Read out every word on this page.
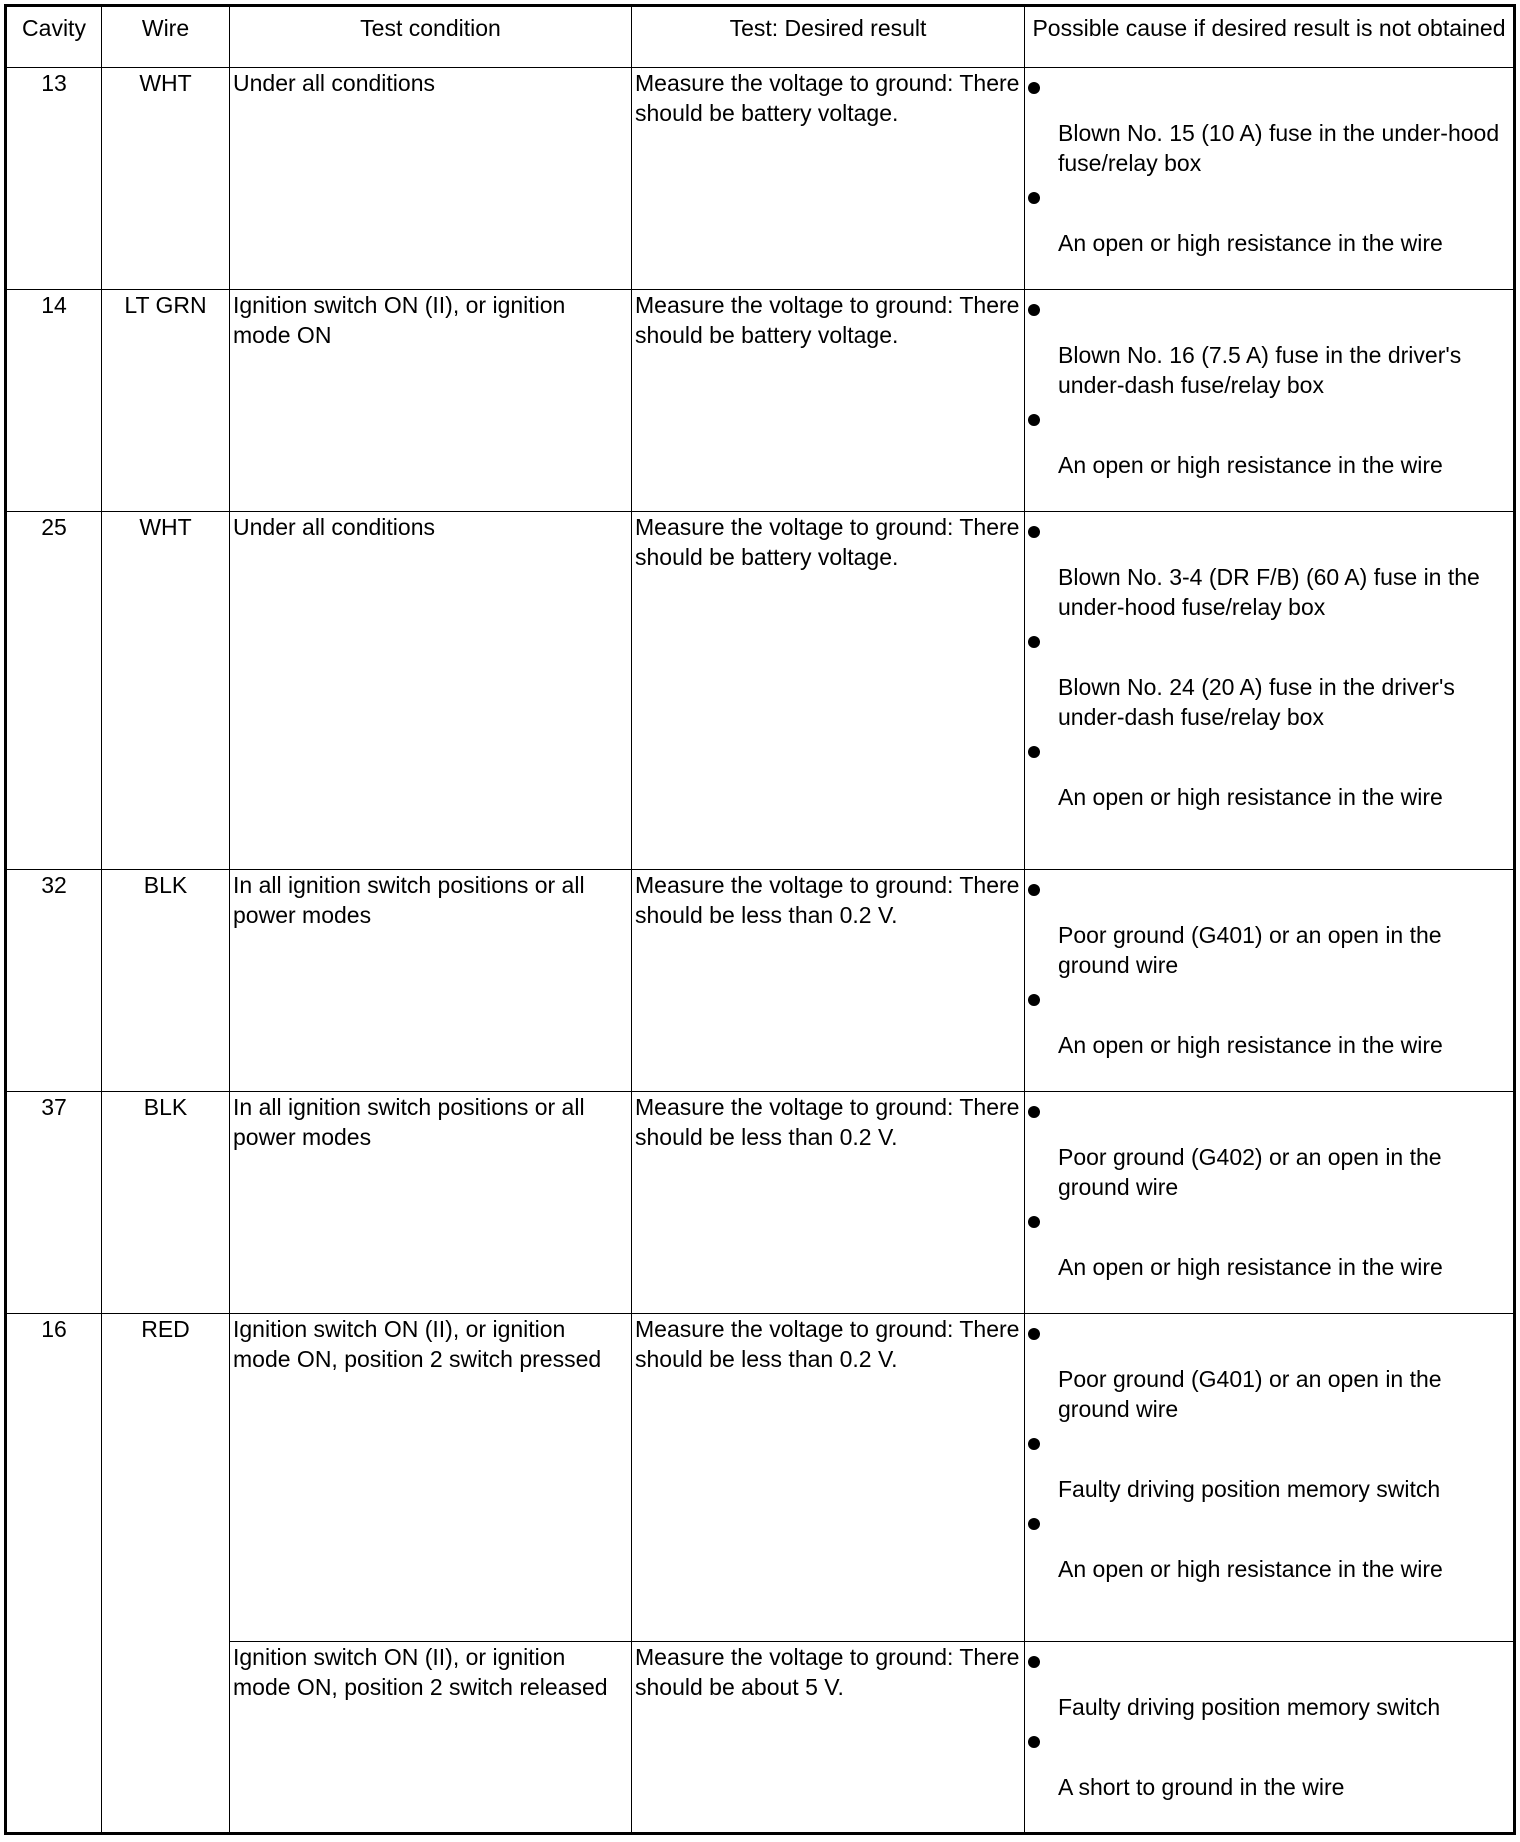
Cavity	Wire	Test condition	Test: Desired result	Possible cause if desired result is not obtained
13	WHT	Under all conditions	Measure the voltage to ground: There should be battery voltage.	Blown No. 15 (10 A) fuse in the under-hood fuse/relay box
An open or high resistance in the wire

14	LT GRN	Ignition switch ON (II), or ignition mode ON	Measure the voltage to ground: There should be battery voltage.	Blown No. 16 (7.5 A) fuse in the driver's under-dash fuse/relay box
An open or high resistance in the wire

25	WHT	Under all conditions	Measure the voltage to ground: There should be battery voltage.	Blown No. 3-4 (DR F/B) (60 A) fuse in the under-hood fuse/relay box
Blown No. 24 (20 A) fuse in the driver's under-dash fuse/relay box
An open or high resistance in the wire

32	BLK	In all ignition switch positions or all power modes	Measure the voltage to ground: There should be less than 0.2 V.	Poor ground (G401) or an open in the ground wire
An open or high resistance in the wire

37	BLK	In all ignition switch positions or all power modes	Measure the voltage to ground: There should be less than 0.2 V.	Poor ground (G402) or an open in the ground wire
An open or high resistance in the wire

16	RED	Ignition switch ON (II), or ignition mode ON, position 2 switch pressed	Measure the voltage to ground: There should be less than 0.2 V.	Poor ground (G401) or an open in the ground wire
Faulty driving position memory switch
An open or high resistance in the wire

		Ignition switch ON (II), or ignition mode ON, position 2 switch released	Measure the voltage to ground: There should be about 5 V.	Faulty driving position memory switch
A short to ground in the wire
